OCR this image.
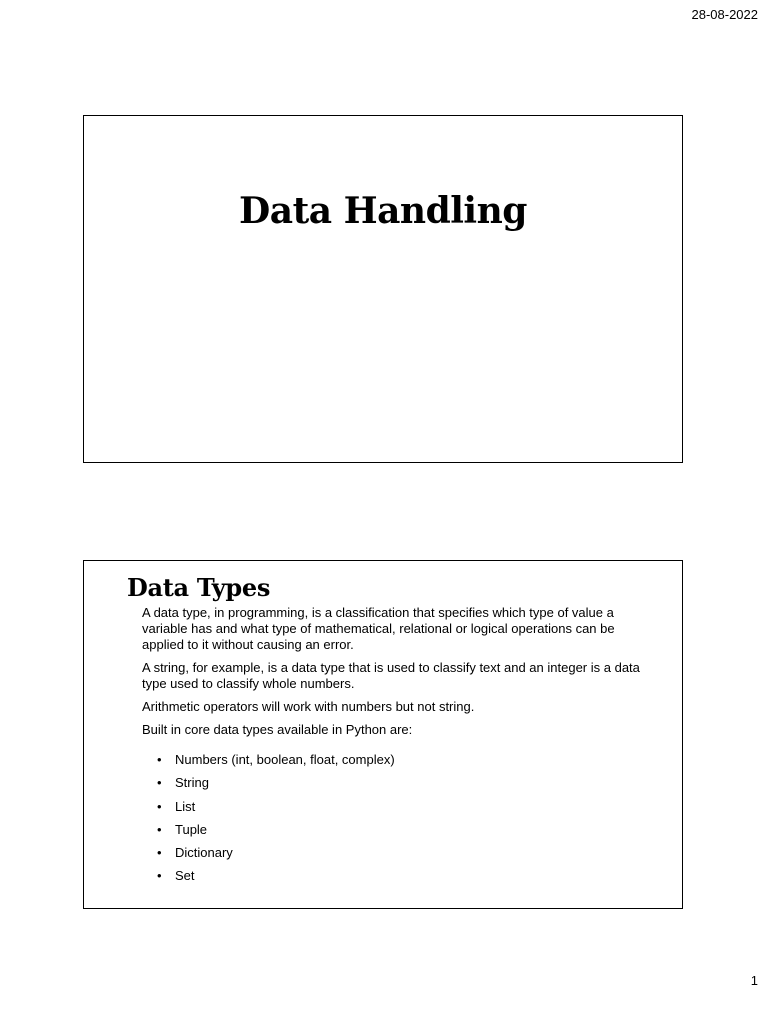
28-08-2022
Data Handling
Data Types

A data type, in programming, is a classification that specifies which type of value a variable has and what type of mathematical, relational or logical operations can be applied to it without causing an error.

A string, for example, is a data type that is used to classify text and an integer is a data type used to classify whole numbers.

Arithmetic operators will work with numbers but not string.

Built in core data types available in Python are:

• Numbers (int, boolean, float, complex)
• String
• List
• Tuple
• Dictionary
• Set
1
